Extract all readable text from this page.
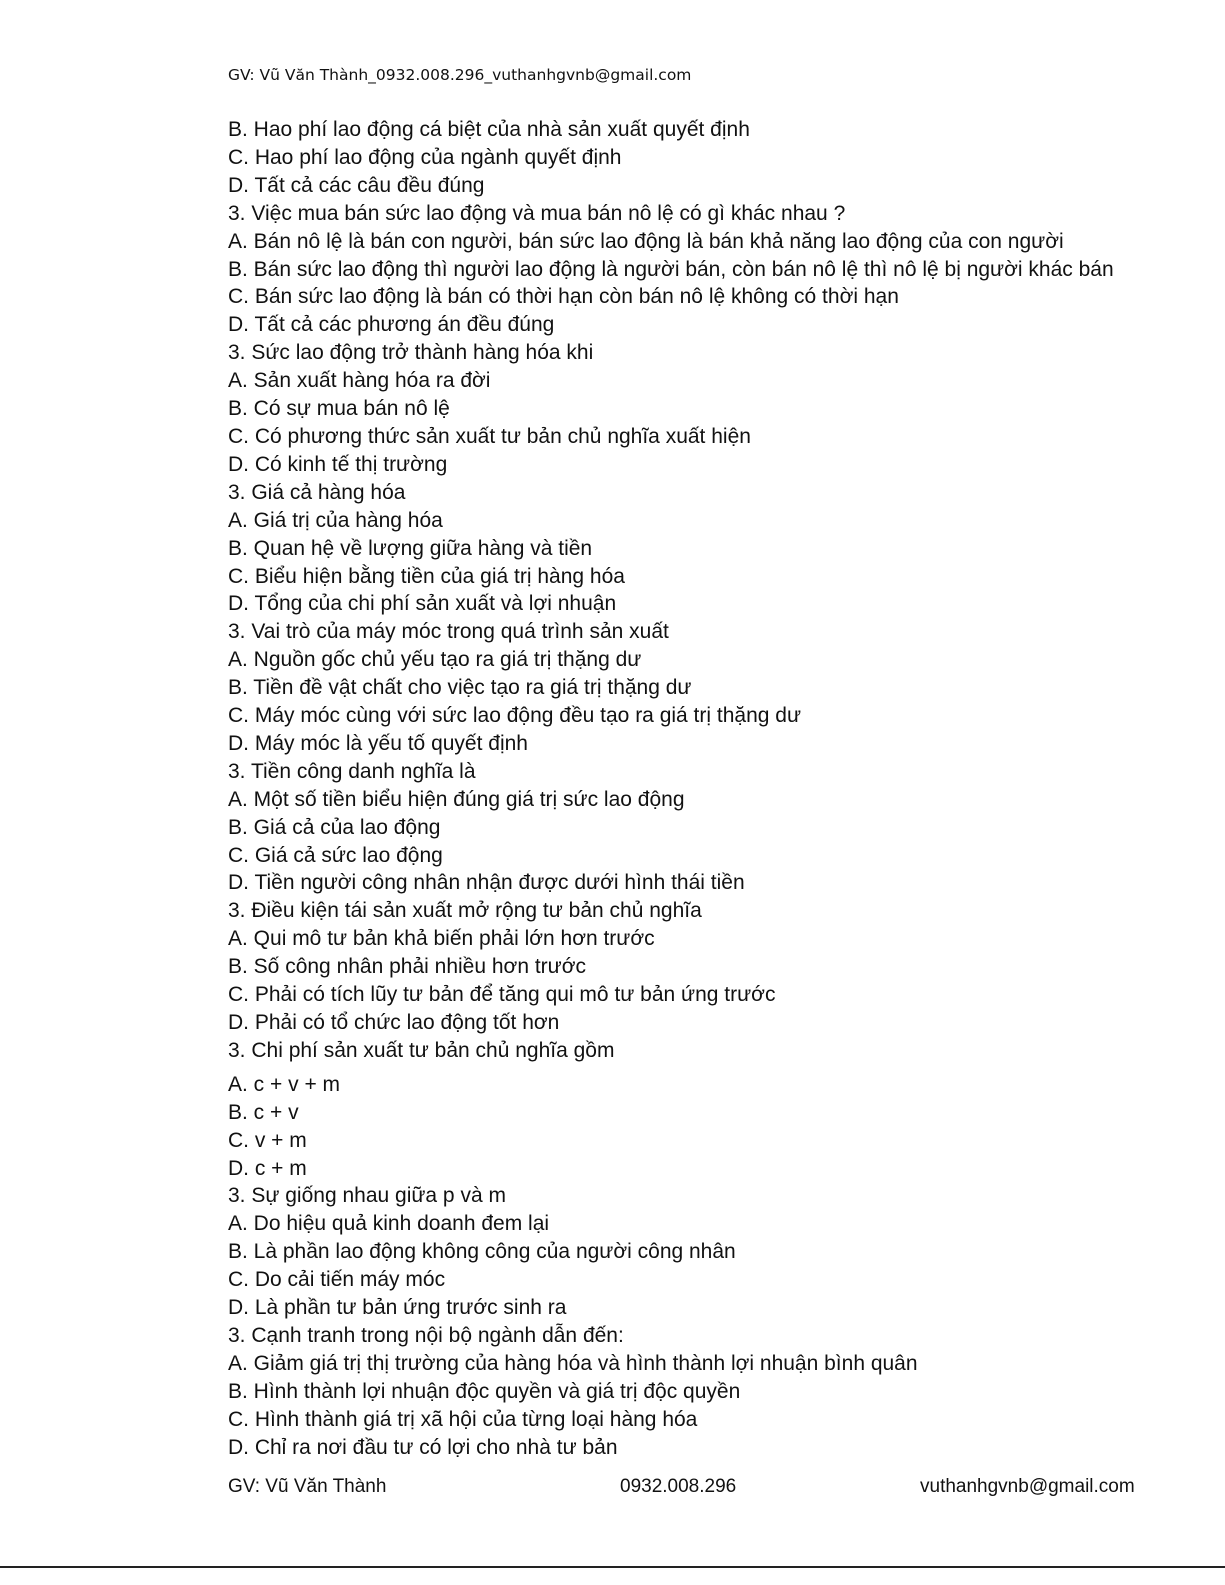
GV: Vũ Văn Thành_0932.008.296_vuthanhgvnb@gmail.com
B. Hao phí lao động cá biệt của nhà sản xuất quyết định
C. Hao phí lao động của ngành quyết định
D. Tất cả các câu đều đúng
3. Việc mua bán sức lao động và mua bán nô lệ có gì khác nhau ?
A. Bán nô lệ là bán con người, bán sức lao động là bán khả năng lao động của con người
B. Bán sức lao động thì người lao động là người bán, còn bán nô lệ thì nô lệ bị người khác bán
C. Bán sức lao động là bán có thời hạn còn bán nô lệ không có thời hạn
D. Tất cả các phương án đều đúng
3. Sức lao động trở thành hàng hóa khi
A. Sản xuất hàng hóa ra đời
B. Có sự mua bán nô lệ
C. Có phương thức sản xuất tư bản chủ nghĩa xuất hiện
D. Có kinh tế thị trường
3. Giá cả hàng hóa
A. Giá trị của hàng hóa
B. Quan hệ về lượng giữa hàng và tiền
C. Biểu hiện bằng tiền của giá trị hàng hóa
D. Tổng của chi phí sản xuất và lợi nhuận
3. Vai trò của máy móc trong quá trình sản xuất
A. Nguồn gốc chủ yếu tạo ra giá trị thặng dư
B. Tiền đề vật chất cho việc tạo ra giá trị thặng dư
C. Máy móc cùng với sức lao động đều tạo ra giá trị thặng dư
D. Máy móc là yếu tố quyết định
3. Tiền công danh nghĩa là
A. Một số tiền biểu hiện đúng giá trị sức lao động
B. Giá cả của lao động
C. Giá cả sức lao động
D. Tiền người công nhân nhận được dưới hình thái tiền
3. Điều kiện tái sản xuất mở rộng tư bản chủ nghĩa
A. Qui mô tư bản khả biến phải lớn hơn trước
B. Số công nhân phải nhiều hơn trước
C. Phải có tích lũy tư bản để tăng qui mô tư bản ứng trước
D. Phải có tổ chức lao động tốt hơn
3. Chi phí sản xuất tư bản chủ nghĩa gồm
A. c + v + m
B. c + v
C. v + m
D. c + m
3. Sự giống nhau giữa p và m
A. Do hiệu quả kinh doanh đem lại
B. Là phần lao động không công của người công nhân
C. Do cải tiến máy móc
D. Là phần tư bản ứng trước sinh ra
3. Cạnh tranh trong nội bộ ngành dẫn đến:
A. Giảm giá trị thị trường của hàng hóa và hình thành lợi nhuận bình quân
B. Hình thành lợi nhuận độc quyền và giá trị độc quyền
C. Hình thành giá trị xã hội của từng loại hàng hóa
D. Chỉ ra nơi đầu tư có lợi cho nhà tư bản
GV: Vũ Văn Thành	0932.008.296	vuthanhgvnb@gmail.com
